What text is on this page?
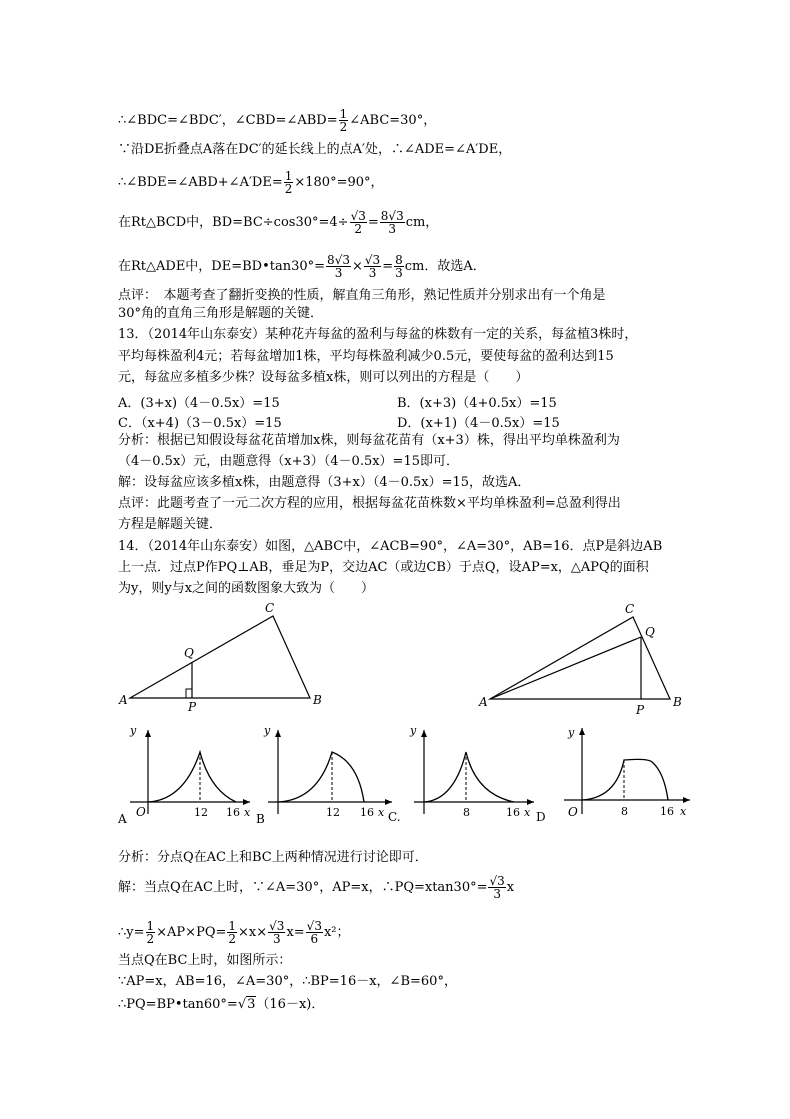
∴∠BDC=∠BDC′，∠CBD=∠ABD= $\frac{1}{2}$ ∠ABC=30°，
∵沿DE折叠点A落在DC′的延长线上的点A′处，∴∠ADE=∠A′DE，
∴∠BDE=∠ABD+∠A′DE= $\frac{1}{2} \times 180^\circ=90^\circ$，
在Rt△BCD中，$BD=BC\div\cos 30^\circ=4\div \frac{√3}{2} = \frac{8√3}{3}$ cm，
在Rt△ADE中，DE=BD•tan30°= $\frac{8√3}{3} \times \frac{√3}{3} = \frac{8}{3}$ cm．故选A．
点评：　本题考查了翻折变换的性质，解直角三角形，熟记性质并分别求出有一个角是
30°角的直角三角形是解题的关键．
13．（2014年山东泰安）某种花卉每盆的盈利与每盆的株数有一定的关系，每盆植3株时，
平均每株盈利4元；若每盆增加1株，平均每株盈利减少0.5元，要使每盆的盈利达到15
元，每盆应多植多少株？设每盆多植x株，则可以列出的方程是（　　）
A．(3+x)（4－0.5x）=15	B．(x+3)（4+0.5x）=15
C．（x+4)（3－0.5x）=15	D．(x+1)（4－0.5x）=15
分析：根据已知假设每盆花苗增加x株，则每盆花苗有（x+3）株，得出平均单株盈利为
（4－0.5x）元，由题意得（x+3）（4－0.5x）=15即可．
解：设每盆应该多植x株，由题意得（3+x）（4－0.5x）=15，故选A．
点评：此题考查了一元二次方程的应用，根据每盆花苗株数×平均单株盈利=总盈利得出
方程是解题关键．
14．（2014年山东泰安）如图，△ABC中，∠ACB=90°，∠A=30°，AB=16．点P是斜边AB
上一点．过点P作PQ⊥AB，垂足为P，交边AC（或边CB）于点Q，设AP=x，△APQ的面积
为y，则y与x之间的函数图象大致为（　　）
A	B
C
P
Q
A	B
C
P
Q
y
O	12 16 x
A
y
12 16 x
B
y
8	16 x
C.
y
O	8	16 x
D
分析：分点Q在AC上和BC上两种情况进行讨论即可．
解：当点Q在AC上时，∵∠A=30°，AP=x，∴PQ=xtan30°= $\frac{√3}{3}$ x
∴y= $\frac{1}{2} \times AP\times PQ= \frac{1}{2} \times x\times \frac{√3}{3} x= \frac{√3}{6} x^2$；
当点Q在BC上时，如图所示：
∵AP=x，AB=16，∠A=30°，∴BP=16－x，∠B=60°，
∴PQ=BP•tan60°=√3（16－x)．
